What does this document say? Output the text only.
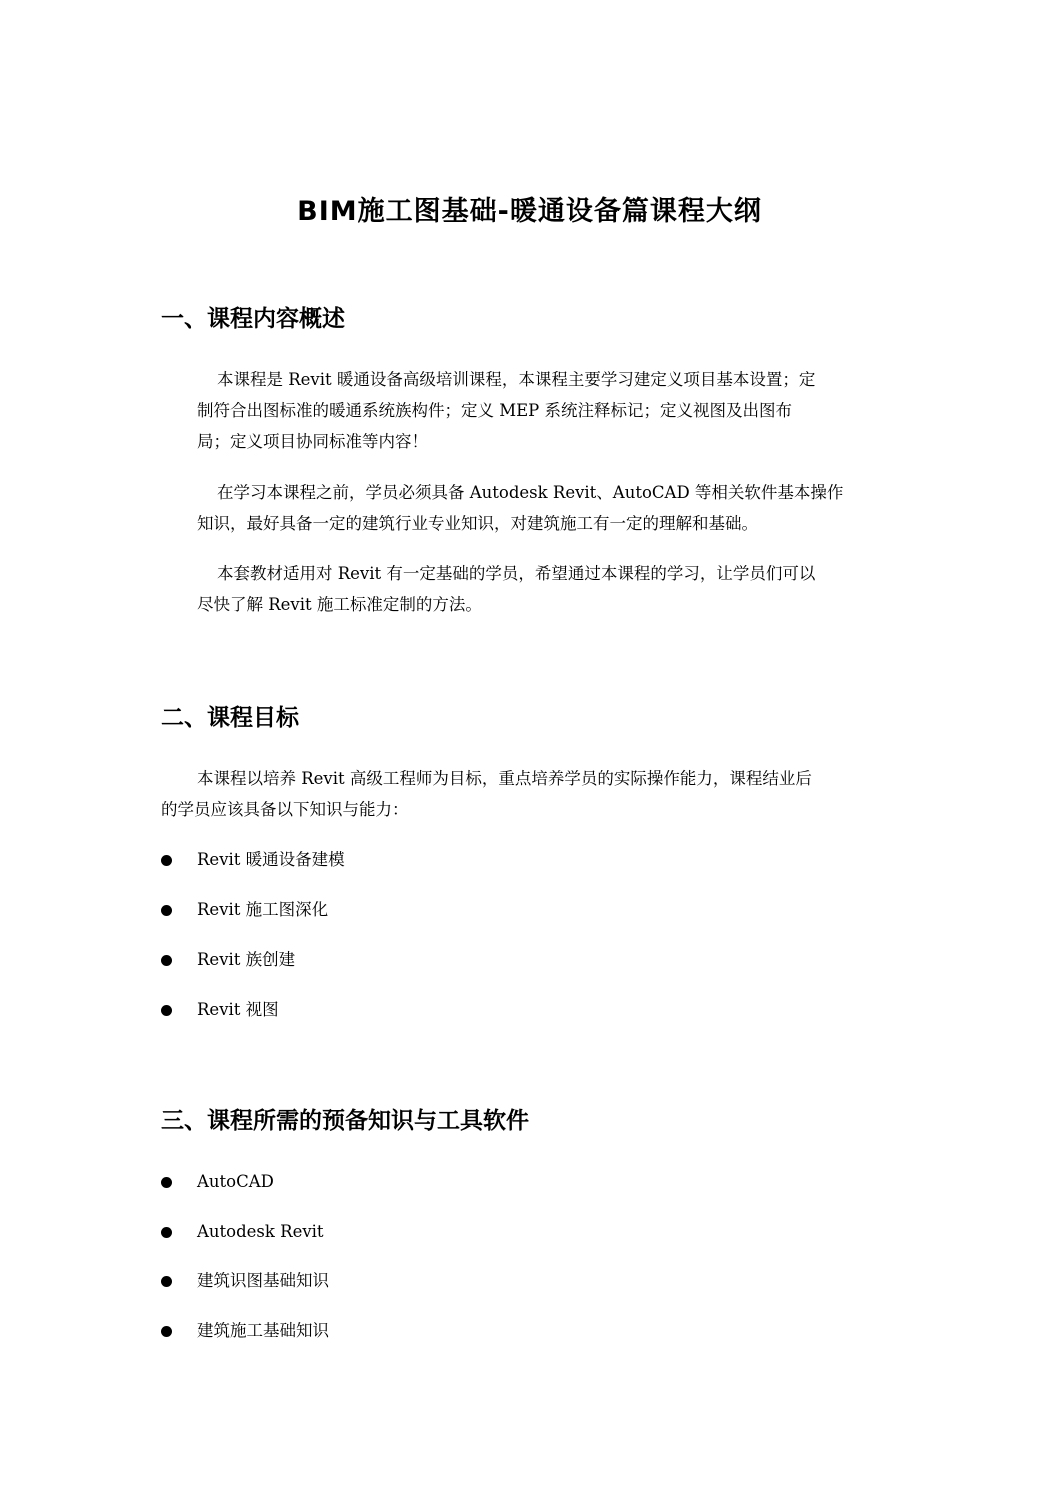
BIM施工图基础-暖通设备篇课程大纲
一、课程内容概述

本课程是 Revit 暖通设备高级培训课程，本课程主要学习建定义项目基本设置；定

制符合出图标准的暖通系统族构件；定义 MEP 系统注释标记；定义视图及出图布

局；定义项目协同标准等内容！

在学习本课程之前，学员必须具备 Autodesk Revit、AutoCAD 等相关软件基本操作

知识，最好具备一定的建筑行业专业知识，对建筑施工有一定的理解和基础。

本套教材适用对 Revit 有一定基础的学员，希望通过本课程的学习，让学员们可以

尽快了解 Revit 施工标准定制的方法。

二、课程目标

本课程以培养 Revit 高级工程师为目标，重点培养学员的实际操作能力，课程结业后

的学员应该具备以下知识与能力：

Revit 暖通设备建模
Revit 施工图深化
Revit 族创建
Revit 视图
三、课程所需的预备知识与工具软件
AutoCAD
Autodesk Revit
建筑识图基础知识
建筑施工基础知识
